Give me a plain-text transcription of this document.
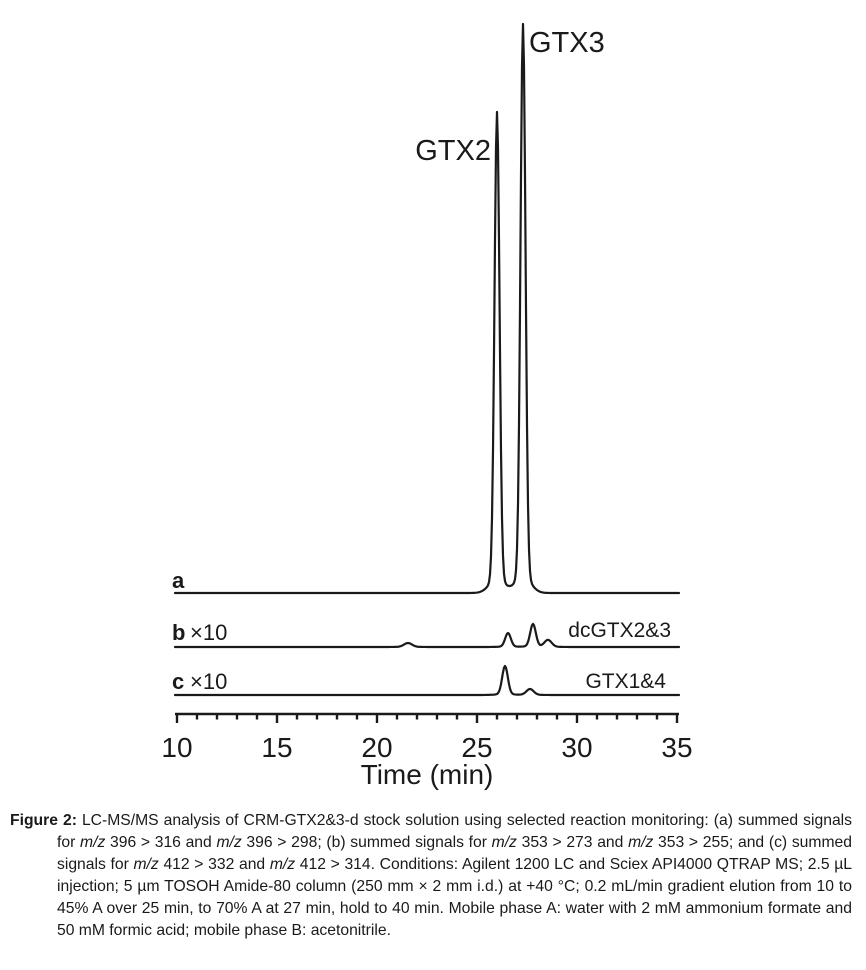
GTX2
GTX3
a
b ×10	dcGTX2&3
c ×10	GTX1&4
10 15 20 25 30 35
Time (min)

Figure 2: LC-MS/MS analysis of CRM-GTX2&3-d stock solution using selected reaction monitoring: (a) summed signals for m/z 396 > 316 and m/z 396 > 298; (b) summed signals for m/z 353 > 273 and m/z 353 > 255; and (c) summed signals for m/z 412 > 332 and m/z 412 > 314. Conditions: Agilent 1200 LC and Sciex API4000 QTRAP MS; 2.5 µL injection; 5 µm TOSOH Amide-80 column (250 mm × 2 mm i.d.) at +40 °C; 0.2 mL/min gradient elution from 10 to 45% A over 25 min, to 70% A at 27 min, hold to 40 min. Mobile phase A: water with 2 mM ammonium formate and 50 mM formic acid; mobile phase B: acetonitrile.
